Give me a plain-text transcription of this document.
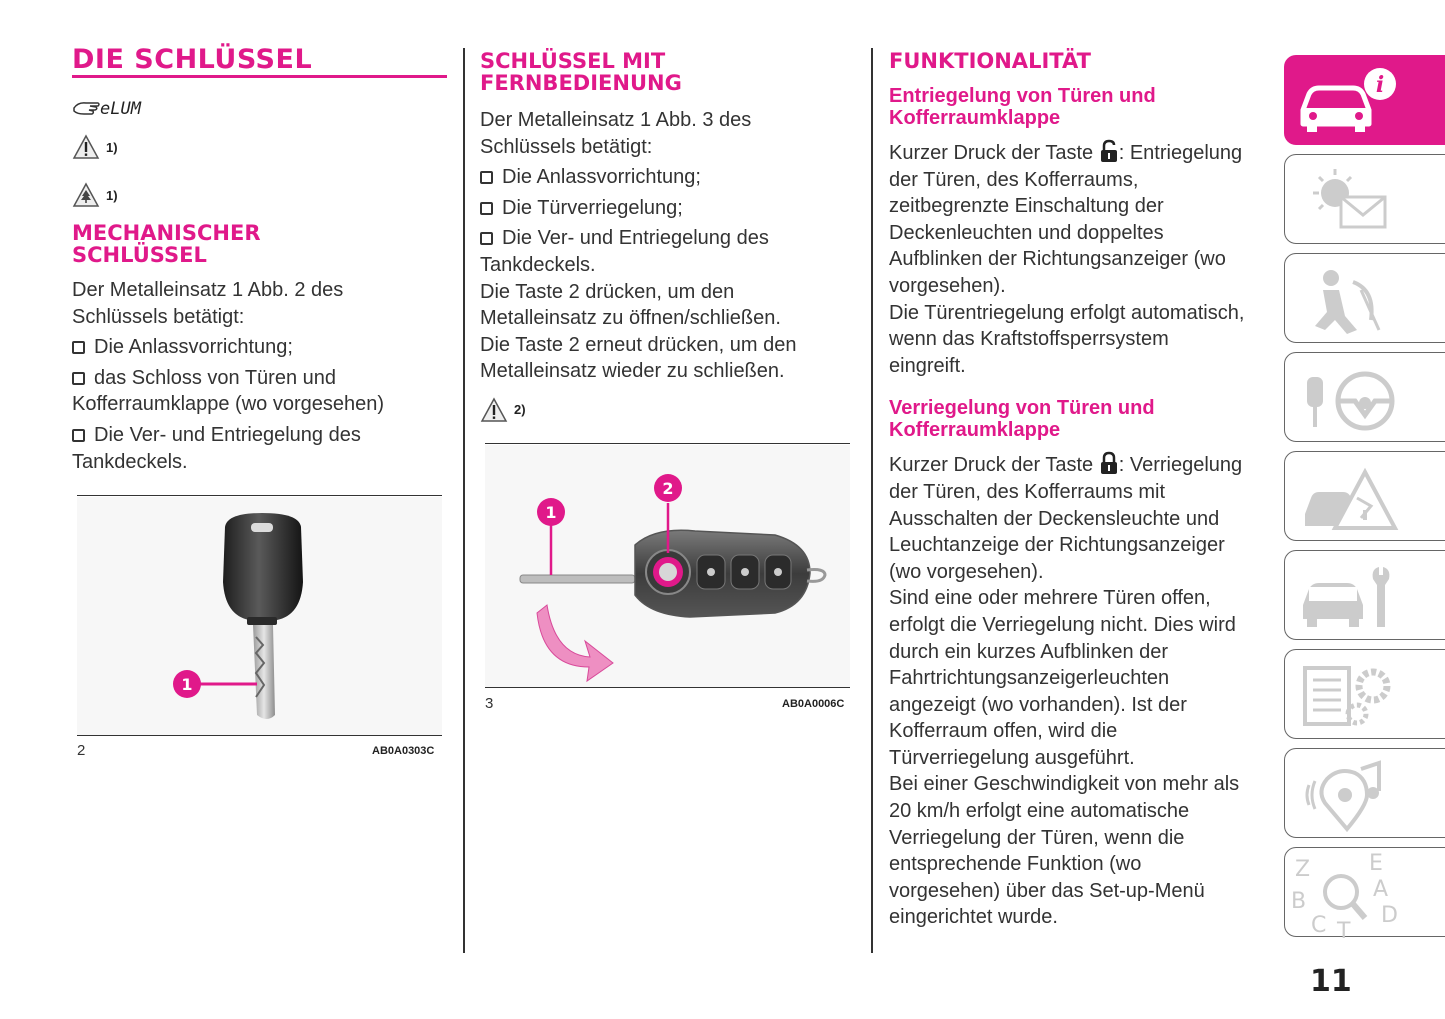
DIE SCHLÜSSEL
eLUM
1)
1)
MECHANISCHER
SCHLÜSSEL
Der Metalleinsatz 1 Abb. 2 des
Schlüssels betätigt:
Die Anlassvorrichtung;
das Schloss von Türen und
Kofferraumklappe (wo vorgesehen)
Die Ver- und Entriegelung des
Tankdeckels.
1
2	AB0A0303C
SCHLÜSSEL MIT
FERNBEDIENUNG
Der Metalleinsatz 1 Abb. 3 des
Schlüssels betätigt:
Die Anlassvorrichtung;
Die Türverriegelung;
Die Ver- und Entriegelung des
Tankdeckels.
Die Taste 2 drücken, um den
Metalleinsatz zu öffnen/schließen.
Die Taste 2 erneut drücken, um den
Metalleinsatz wieder zu schließen.
2)
1
2
3	AB0A0006C
FUNKTIONALITÄT
Entriegelung von Türen und
Kofferraumklappe
Kurzer Druck der Taste : Entriegelung
der Türen, des Kofferraums,
zeitbegrenzte Einschaltung der
Deckenleuchten und doppeltes
Aufblinken der Richtungsanzeiger (wo
vorgesehen).
Die Türentriegelung erfolgt automatisch,
wenn das Kraftstoffsperrsystem
eingreift.
Verriegelung von Türen und
Kofferraumklappe
Kurzer Druck der Taste : Verriegelung
der Türen, des Kofferraums mit
Ausschalten der Deckensleuchte und
Leuchtanzeige der Richtungsanzeiger
(wo vorgesehen).
Sind eine oder mehrere Türen offen,
erfolgt die Verriegelung nicht. Dies wird
durch ein kurzes Aufblinken der
Fahrtrichtungsanzeigerleuchten
angezeigt (wo vorhanden). Ist der
Kofferraum offen, wird die
Türverriegelung ausgeführt.
Bei einer Geschwindigkeit von mehr als
20 km/h erfolgt eine automatische
Verriegelung der Türen, wenn die
entsprechende Funktion (wo
vorgesehen) über das Set-up-Menü
eingerichtet wurde.
i
Z	E
B	A
C T
D
11
